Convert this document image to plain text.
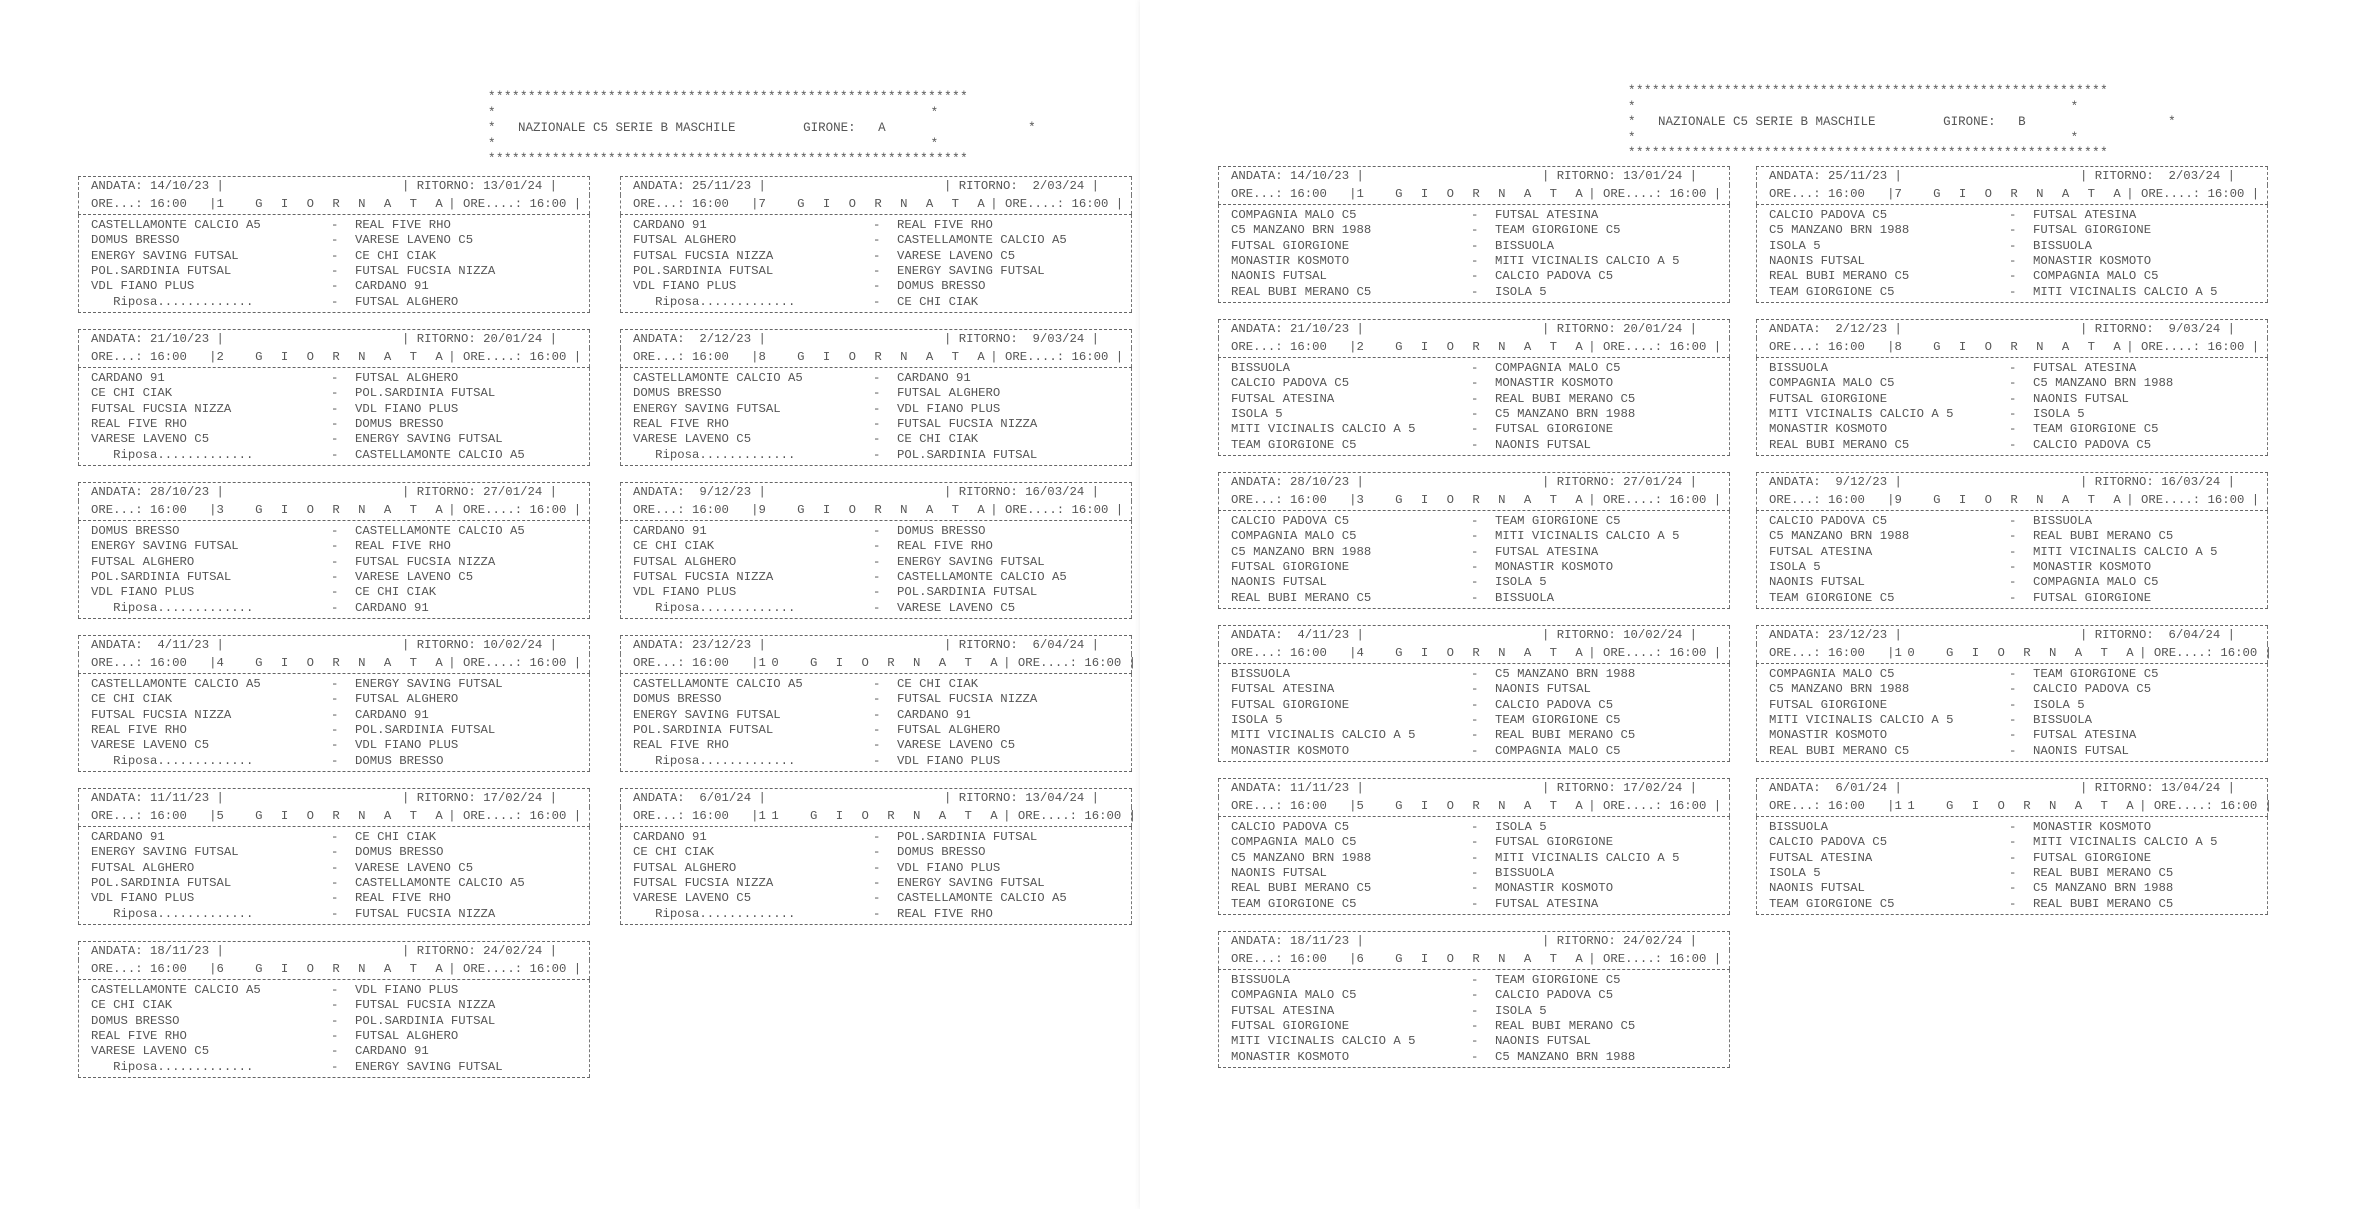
************************************************************
*                                                          *
*   NAZIONALE C5 SERIE B MASCHILE         GIRONE:   A                   *
*                                                          *
************************************************************
ANDATA: 14/10/23 |	| RITORNO: 13/01/24 |
ORE...: 16:00   | 1  G I O R N A T A | ORE....: 16:00 |
CASTELLAMONTE CALCIO A5	-	REAL FIVE RHO
DOMUS BRESSO	-	VARESE LAVENO C5
ENERGY SAVING FUTSAL	-	CE CHI CIAK
POL.SARDINIA FUTSAL	-	FUTSAL FUCSIA NIZZA
VDL FIANO PLUS	-	CARDANO 91
Riposa.............	-	FUTSAL ALGHERO
ANDATA: 21/10/23 |	| RITORNO: 20/01/24 |
ORE...: 16:00   | 2  G I O R N A T A | ORE....: 16:00 |
CARDANO 91	-	FUTSAL ALGHERO
CE CHI CIAK	-	POL.SARDINIA FUTSAL
FUTSAL FUCSIA NIZZA	-	VDL FIANO PLUS
REAL FIVE RHO	-	DOMUS BRESSO
VARESE LAVENO C5	-	ENERGY SAVING FUTSAL
Riposa.............	-	CASTELLAMONTE CALCIO A5
ANDATA: 28/10/23 |	| RITORNO: 27/01/24 |
ORE...: 16:00   | 3  G I O R N A T A | ORE....: 16:00 |
DOMUS BRESSO	-	CASTELLAMONTE CALCIO A5
ENERGY SAVING FUTSAL	-	REAL FIVE RHO
FUTSAL ALGHERO	-	FUTSAL FUCSIA NIZZA
POL.SARDINIA FUTSAL	-	VARESE LAVENO C5
VDL FIANO PLUS	-	CE CHI CIAK
Riposa.............	-	CARDANO 91
ANDATA:  4/11/23 |	| RITORNO: 10/02/24 |
ORE...: 16:00   | 4  G I O R N A T A | ORE....: 16:00 |
CASTELLAMONTE CALCIO A5	-	ENERGY SAVING FUTSAL
CE CHI CIAK	-	FUTSAL ALGHERO
FUTSAL FUCSIA NIZZA	-	CARDANO 91
REAL FIVE RHO	-	POL.SARDINIA FUTSAL
VARESE LAVENO C5	-	VDL FIANO PLUS
Riposa.............	-	DOMUS BRESSO
ANDATA: 11/11/23 |	| RITORNO: 17/02/24 |
ORE...: 16:00   | 5  G I O R N A T A | ORE....: 16:00 |
CARDANO 91	-	CE CHI CIAK
ENERGY SAVING FUTSAL	-	DOMUS BRESSO
FUTSAL ALGHERO	-	VARESE LAVENO C5
POL.SARDINIA FUTSAL	-	CASTELLAMONTE CALCIO A5
VDL FIANO PLUS	-	REAL FIVE RHO
Riposa.............	-	FUTSAL FUCSIA NIZZA
ANDATA: 18/11/23 |	| RITORNO: 24/02/24 |
ORE...: 16:00   | 6  G I O R N A T A | ORE....: 16:00 |
CASTELLAMONTE CALCIO A5	-	VDL FIANO PLUS
CE CHI CIAK	-	FUTSAL FUCSIA NIZZA
DOMUS BRESSO	-	POL.SARDINIA FUTSAL
REAL FIVE RHO	-	FUTSAL ALGHERO
VARESE LAVENO C5	-	CARDANO 91
Riposa.............	-	ENERGY SAVING FUTSAL
ANDATA: 25/11/23 |	| RITORNO:  2/03/24 |
ORE...: 16:00   | 7  G I O R N A T A | ORE....: 16:00 |
CARDANO 91	-	REAL FIVE RHO
FUTSAL ALGHERO	-	CASTELLAMONTE CALCIO A5
FUTSAL FUCSIA NIZZA	-	VARESE LAVENO C5
POL.SARDINIA FUTSAL	-	ENERGY SAVING FUTSAL
VDL FIANO PLUS	-	DOMUS BRESSO
Riposa.............	-	CE CHI CIAK
ANDATA:  2/12/23 |	| RITORNO:  9/03/24 |
ORE...: 16:00   | 8  G I O R N A T A | ORE....: 16:00 |
CASTELLAMONTE CALCIO A5	-	CARDANO 91
DOMUS BRESSO	-	FUTSAL ALGHERO
ENERGY SAVING FUTSAL	-	VDL FIANO PLUS
REAL FIVE RHO	-	FUTSAL FUCSIA NIZZA
VARESE LAVENO C5	-	CE CHI CIAK
Riposa.............	-	POL.SARDINIA FUTSAL
ANDATA:  9/12/23 |	| RITORNO: 16/03/24 |
ORE...: 16:00   | 9  G I O R N A T A | ORE....: 16:00 |
CARDANO 91	-	DOMUS BRESSO
CE CHI CIAK	-	REAL FIVE RHO
FUTSAL ALGHERO	-	ENERGY SAVING FUTSAL
FUTSAL FUCSIA NIZZA	-	CASTELLAMONTE CALCIO A5
VDL FIANO PLUS	-	POL.SARDINIA FUTSAL
Riposa.............	-	VARESE LAVENO C5
ANDATA: 23/12/23 |	| RITORNO:  6/04/24 |
ORE...: 16:00   | 10  G I O R N A T A | ORE....: 16:00 |
CASTELLAMONTE CALCIO A5	-	CE CHI CIAK
DOMUS BRESSO	-	FUTSAL FUCSIA NIZZA
ENERGY SAVING FUTSAL	-	CARDANO 91
POL.SARDINIA FUTSAL	-	FUTSAL ALGHERO
REAL FIVE RHO	-	VARESE LAVENO C5
Riposa.............	-	VDL FIANO PLUS
ANDATA:  6/01/24 |	| RITORNO: 13/04/24 |
ORE...: 16:00   | 11  G I O R N A T A | ORE....: 16:00 |
CARDANO 91	-	POL.SARDINIA FUTSAL
CE CHI CIAK	-	DOMUS BRESSO
FUTSAL ALGHERO	-	VDL FIANO PLUS
FUTSAL FUCSIA NIZZA	-	ENERGY SAVING FUTSAL
VARESE LAVENO C5	-	CASTELLAMONTE CALCIO A5
Riposa.............	-	REAL FIVE RHO
************************************************************
*                                                          *
*   NAZIONALE C5 SERIE B MASCHILE         GIRONE:   B                   *
*                                                          *
************************************************************
ANDATA: 14/10/23 |	| RITORNO: 13/01/24 |
ORE...: 16:00   | 1  G I O R N A T A | ORE....: 16:00 |
COMPAGNIA MALO C5	-	FUTSAL ATESINA
C5 MANZANO BRN 1988	-	TEAM GIORGIONE C5
FUTSAL GIORGIONE	-	BISSUOLA
MONASTIR KOSMOTO	-	MITI VICINALIS CALCIO A 5
NAONIS FUTSAL	-	CALCIO PADOVA C5
REAL BUBI MERANO C5	-	ISOLA 5
ANDATA: 21/10/23 |	| RITORNO: 20/01/24 |
ORE...: 16:00   | 2  G I O R N A T A | ORE....: 16:00 |
BISSUOLA	-	COMPAGNIA MALO C5
CALCIO PADOVA C5	-	MONASTIR KOSMOTO
FUTSAL ATESINA	-	REAL BUBI MERANO C5
ISOLA 5	-	C5 MANZANO BRN 1988
MITI VICINALIS CALCIO A 5	-	FUTSAL GIORGIONE
TEAM GIORGIONE C5	-	NAONIS FUTSAL
ANDATA: 28/10/23 |	| RITORNO: 27/01/24 |
ORE...: 16:00   | 3  G I O R N A T A | ORE....: 16:00 |
CALCIO PADOVA C5	-	TEAM GIORGIONE C5
COMPAGNIA MALO C5	-	MITI VICINALIS CALCIO A 5
C5 MANZANO BRN 1988	-	FUTSAL ATESINA
FUTSAL GIORGIONE	-	MONASTIR KOSMOTO
NAONIS FUTSAL	-	ISOLA 5
REAL BUBI MERANO C5	-	BISSUOLA
ANDATA:  4/11/23 |	| RITORNO: 10/02/24 |
ORE...: 16:00   | 4  G I O R N A T A | ORE....: 16:00 |
BISSUOLA	-	C5 MANZANO BRN 1988
FUTSAL ATESINA	-	NAONIS FUTSAL
FUTSAL GIORGIONE	-	CALCIO PADOVA C5
ISOLA 5	-	TEAM GIORGIONE C5
MITI VICINALIS CALCIO A 5	-	REAL BUBI MERANO C5
MONASTIR KOSMOTO	-	COMPAGNIA MALO C5
ANDATA: 11/11/23 |	| RITORNO: 17/02/24 |
ORE...: 16:00   | 5  G I O R N A T A | ORE....: 16:00 |
CALCIO PADOVA C5	-	ISOLA 5
COMPAGNIA MALO C5	-	FUTSAL GIORGIONE
C5 MANZANO BRN 1988	-	MITI VICINALIS CALCIO A 5
NAONIS FUTSAL	-	BISSUOLA
REAL BUBI MERANO C5	-	MONASTIR KOSMOTO
TEAM GIORGIONE C5	-	FUTSAL ATESINA
ANDATA: 18/11/23 |	| RITORNO: 24/02/24 |
ORE...: 16:00   | 6  G I O R N A T A | ORE....: 16:00 |
BISSUOLA	-	TEAM GIORGIONE C5
COMPAGNIA MALO C5	-	CALCIO PADOVA C5
FUTSAL ATESINA	-	ISOLA 5
FUTSAL GIORGIONE	-	REAL BUBI MERANO C5
MITI VICINALIS CALCIO A 5	-	NAONIS FUTSAL
MONASTIR KOSMOTO	-	C5 MANZANO BRN 1988
ANDATA: 25/11/23 |	| RITORNO:  2/03/24 |
ORE...: 16:00   | 7  G I O R N A T A | ORE....: 16:00 |
CALCIO PADOVA C5	-	FUTSAL ATESINA
C5 MANZANO BRN 1988	-	FUTSAL GIORGIONE
ISOLA 5	-	BISSUOLA
NAONIS FUTSAL	-	MONASTIR KOSMOTO
REAL BUBI MERANO C5	-	COMPAGNIA MALO C5
TEAM GIORGIONE C5	-	MITI VICINALIS CALCIO A 5
ANDATA:  2/12/23 |	| RITORNO:  9/03/24 |
ORE...: 16:00   | 8  G I O R N A T A | ORE....: 16:00 |
BISSUOLA	-	FUTSAL ATESINA
COMPAGNIA MALO C5	-	C5 MANZANO BRN 1988
FUTSAL GIORGIONE	-	NAONIS FUTSAL
MITI VICINALIS CALCIO A 5	-	ISOLA 5
MONASTIR KOSMOTO	-	TEAM GIORGIONE C5
REAL BUBI MERANO C5	-	CALCIO PADOVA C5
ANDATA:  9/12/23 |	| RITORNO: 16/03/24 |
ORE...: 16:00   | 9  G I O R N A T A | ORE....: 16:00 |
CALCIO PADOVA C5	-	BISSUOLA
C5 MANZANO BRN 1988	-	REAL BUBI MERANO C5
FUTSAL ATESINA	-	MITI VICINALIS CALCIO A 5
ISOLA 5	-	MONASTIR KOSMOTO
NAONIS FUTSAL	-	COMPAGNIA MALO C5
TEAM GIORGIONE C5	-	FUTSAL GIORGIONE
ANDATA: 23/12/23 |	| RITORNO:  6/04/24 |
ORE...: 16:00   | 10  G I O R N A T A | ORE....: 16:00 |
COMPAGNIA MALO C5	-	TEAM GIORGIONE C5
C5 MANZANO BRN 1988	-	CALCIO PADOVA C5
FUTSAL GIORGIONE	-	ISOLA 5
MITI VICINALIS CALCIO A 5	-	BISSUOLA
MONASTIR KOSMOTO	-	FUTSAL ATESINA
REAL BUBI MERANO C5	-	NAONIS FUTSAL
ANDATA:  6/01/24 |	| RITORNO: 13/04/24 |
ORE...: 16:00   | 11  G I O R N A T A | ORE....: 16:00 |
BISSUOLA	-	MONASTIR KOSMOTO
CALCIO PADOVA C5	-	MITI VICINALIS CALCIO A 5
FUTSAL ATESINA	-	FUTSAL GIORGIONE
ISOLA 5	-	REAL BUBI MERANO C5
NAONIS FUTSAL	-	C5 MANZANO BRN 1988
TEAM GIORGIONE C5	-	REAL BUBI MERANO C5
